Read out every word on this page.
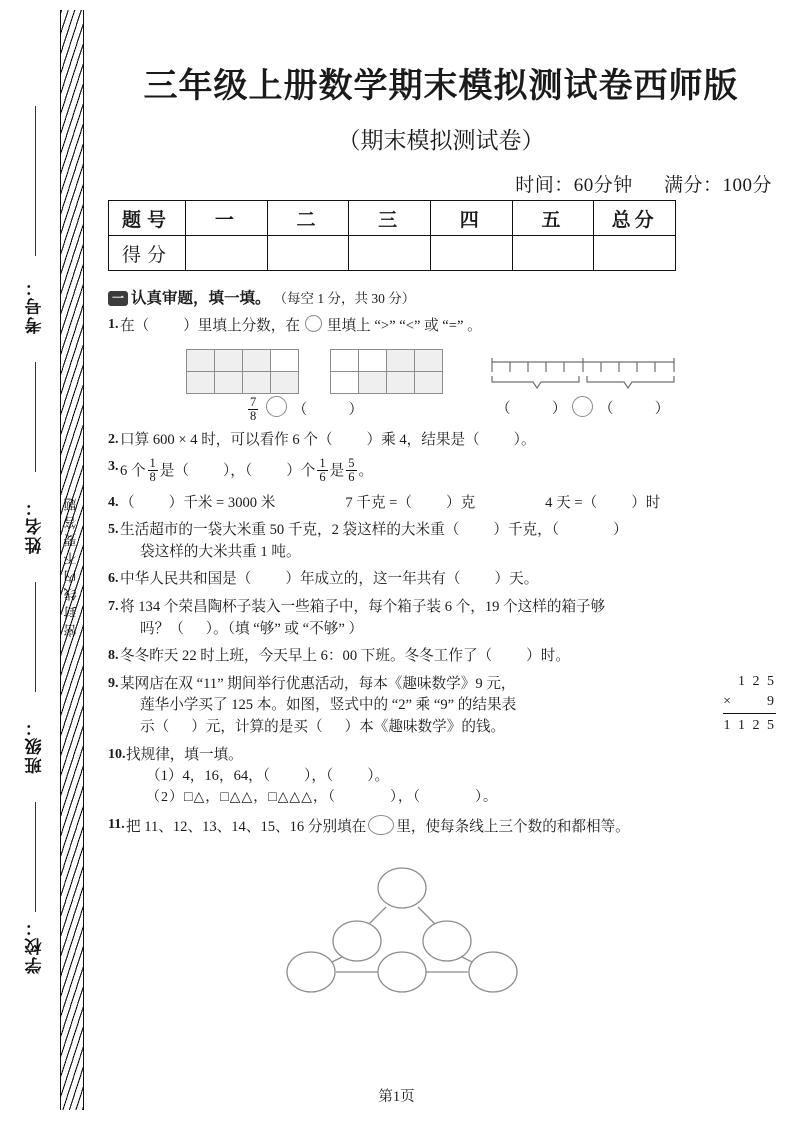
密封线内不要答题
考号：
姓名：
班级：
学校：
三年级上册数学期末模拟测试卷西师版
（期末模拟测试卷）
时间：60分钟 满分：100分
题号	一	二	三	四	五	总分
得分						
一 认真审题，填一填。 （每空 1 分，共 30 分）
1. 在（ ）里填上分数，在 里填上 “>” “<” 或 “=” 。
$\frac{7}{8}$ （	）	（	） （	）
2. 口算 600 × 4 时，可以看作 6 个（ ）乘 4，结果是（ ）。
3. 6 个 $\frac{1}{8}$ 是（ ），（ ）个 $\frac{1}{6}$ 是 $\frac{5}{6}$ 。
4. （ ）千米 = 3000 米	7 千克 =（ ）克	4 天 =（ ）时
5. 生活超市的一袋大米重 50 千克，2 袋这样的大米重（ ）千克，（	）
袋这样的大米共重 1 吨。
6. 中华人民共和国是（ ）年成立的，这一年共有（ ）天。
7. 将 134 个荣昌陶杯子装入一些箱子中，每个箱子装 6 个，19 个这样的箱子够
吗？（ ）。（填 “够” 或 “不够” ）
8. 冬冬昨天 22 时上班，今天早上 6：00 下班。冬冬工作了（ ）时。
9. 某网店在双 “11” 期间举行优惠活动，每本《趣味数学》9 元， 莲华小学买了 125 本。如图，竖式中的 “2” 乘 “9” 的结果表
示（ ）元，计算的是买（ ）本《趣味数学》的钱。
1 2 5
×	9
1 1 2 5
10. 找规律，填一填。
（1）4，16，64，（ ），（ ）。
（2）□△，□△△，□△△△，（	），（	）。
11. 把 11、12、13、14、15、16 分别填在 里，使每条线上三个数的和都相等。
第1页
